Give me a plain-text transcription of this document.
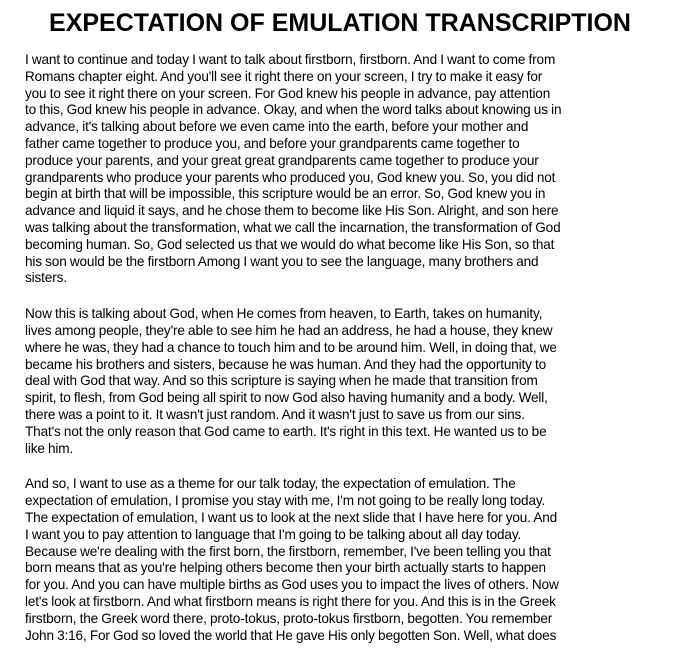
EXPECTATION OF EMULATION TRANSCRIPTION

I want to continue and today I want to talk about firstborn, firstborn. And I want to come from
Romans chapter eight. And you'll see it right there on your screen, I try to make it easy for
you to see it right there on your screen. For God knew his people in advance, pay attention
to this, God knew his people in advance. Okay, and when the word talks about knowing us in
advance, it's talking about before we even came into the earth, before your mother and
father came together to produce you, and before your grandparents came together to
produce your parents, and your great great grandparents came together to produce your
grandparents who produce your parents who produced you, God knew you. So, you did not
begin at birth that will be impossible, this scripture would be an error. So, God knew you in
advance and liquid it says, and he chose them to become like His Son. Alright, and son here
was talking about the transformation, what we call the incarnation, the transformation of God
becoming human. So, God selected us that we would do what become like His Son, so that
his son would be the firstborn Among I want you to see the language, many brothers and
sisters.

Now this is talking about God, when He comes from heaven, to Earth, takes on humanity,
lives among people, they're able to see him he had an address, he had a house, they knew
where he was, they had a chance to touch him and to be around him. Well, in doing that, we
became his brothers and sisters, because he was human. And they had the opportunity to
deal with God that way. And so this scripture is saying when he made that transition from
spirit, to flesh, from God being all spirit to now God also having humanity and a body. Well,
there was a point to it. It wasn't just random. And it wasn't just to save us from our sins.
That's not the only reason that God came to earth. It's right in this text. He wanted us to be
like him.

And so, I want to use as a theme for our talk today, the expectation of emulation. The
expectation of emulation, I promise you stay with me, I'm not going to be really long today.
The expectation of emulation, I want us to look at the next slide that I have here for you. And
I want you to pay attention to language that I'm going to be talking about all day today.
Because we're dealing with the first born, the firstborn, remember, I've been telling you that
born means that as you're helping others become then your birth actually starts to happen
for you. And you can have multiple births as God uses you to impact the lives of others. Now
let's look at firstborn. And what firstborn means is right there for you. And this is in the Greek
firstborn, the Greek word there, proto-tokus, proto-tokus firstborn, begotten. You remember
John 3:16, For God so loved the world that He gave His only begotten Son. Well, what does
